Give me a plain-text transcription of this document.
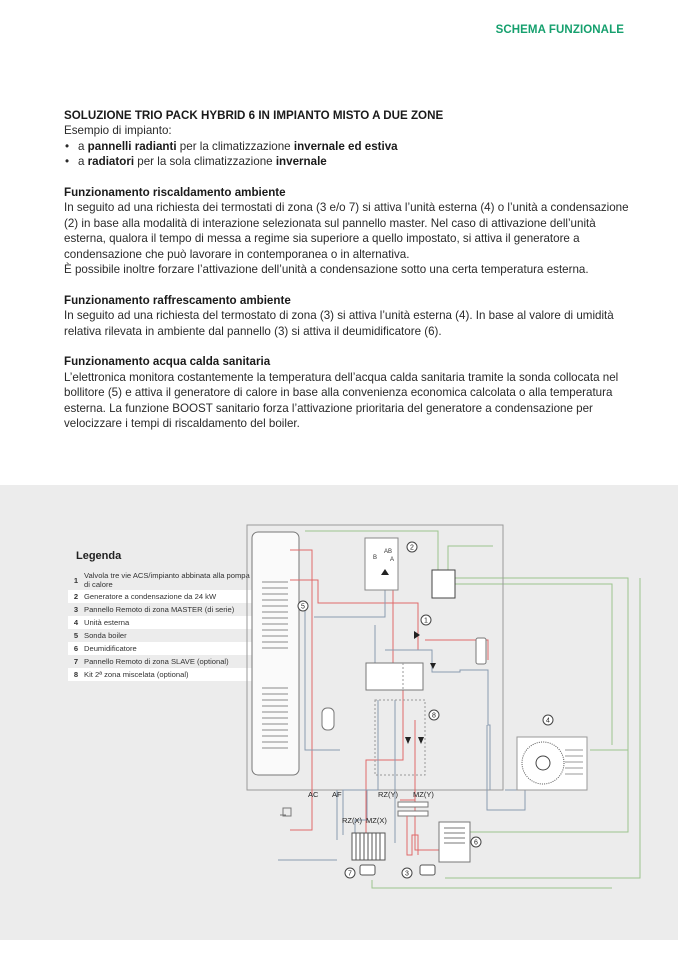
SCHEMA FUNZIONALE

SOLUZIONE TRIO PACK HYBRID 6 IN IMPIANTO MISTO A DUE ZONE

Esempio di impianto:

• a pannelli radianti per la climatizzazione invernale ed estiva

• a radiatori per la sola climatizzazione invernale

Funzionamento riscaldamento ambiente

In seguito ad una richiesta dei termostati di zona (3 e/o 7) si attiva l’unità esterna (4) o l’unità a condensazione (2) in base alla modalità di interazione selezionata sul pannello master. Nel caso di attivazione dell’unità esterna, qualora il tempo di messa a regime sia superiore a quello impostato, si attiva il generatore a condensazione che può lavorare in contemporanea o in alternativa.

È possibile inoltre forzare l’attivazione dell’unità a condensazione sotto una certa temperatura esterna.

Funzionamento raffrescamento ambiente

In seguito ad una richiesta del termostato di zona (3) si attiva l’unità esterna (4). In base al valore di umidità relativa rilevata in ambiente dal pannello (3) si attiva il deumidificatore (6).

Funzionamento acqua calda sanitaria

L’elettronica monitora costantemente la temperatura dell’acqua calda sanitaria tramite la sonda collocata nel bollitore (5) e attiva il generatore di calore in base alla convenienza economica calcolata o alla temperatura esterna. La funzione BOOST sanitario forza l’attivazione prioritaria del generatore a condensazione per velocizzare i tempi di riscaldamento del boiler.

Legenda
1 Valvola tre vie ACS/impianto abbinata alla pompa di calore
2 Generatore a condensazione da 24 kW
3 Pannello Remoto di zona MASTER (di serie)
4 Unità esterna
5 Sonda boiler
6 Deumidificatore
7 Pannello Remoto di zona SLAVE (optional)
8 Kit 2ª zona miscelata (optional)
B
AB
A
AC AF	RZ(Y) MZ(Y)
RZ(X) MZ(X)
1
2
3
4
5
6
7
8
